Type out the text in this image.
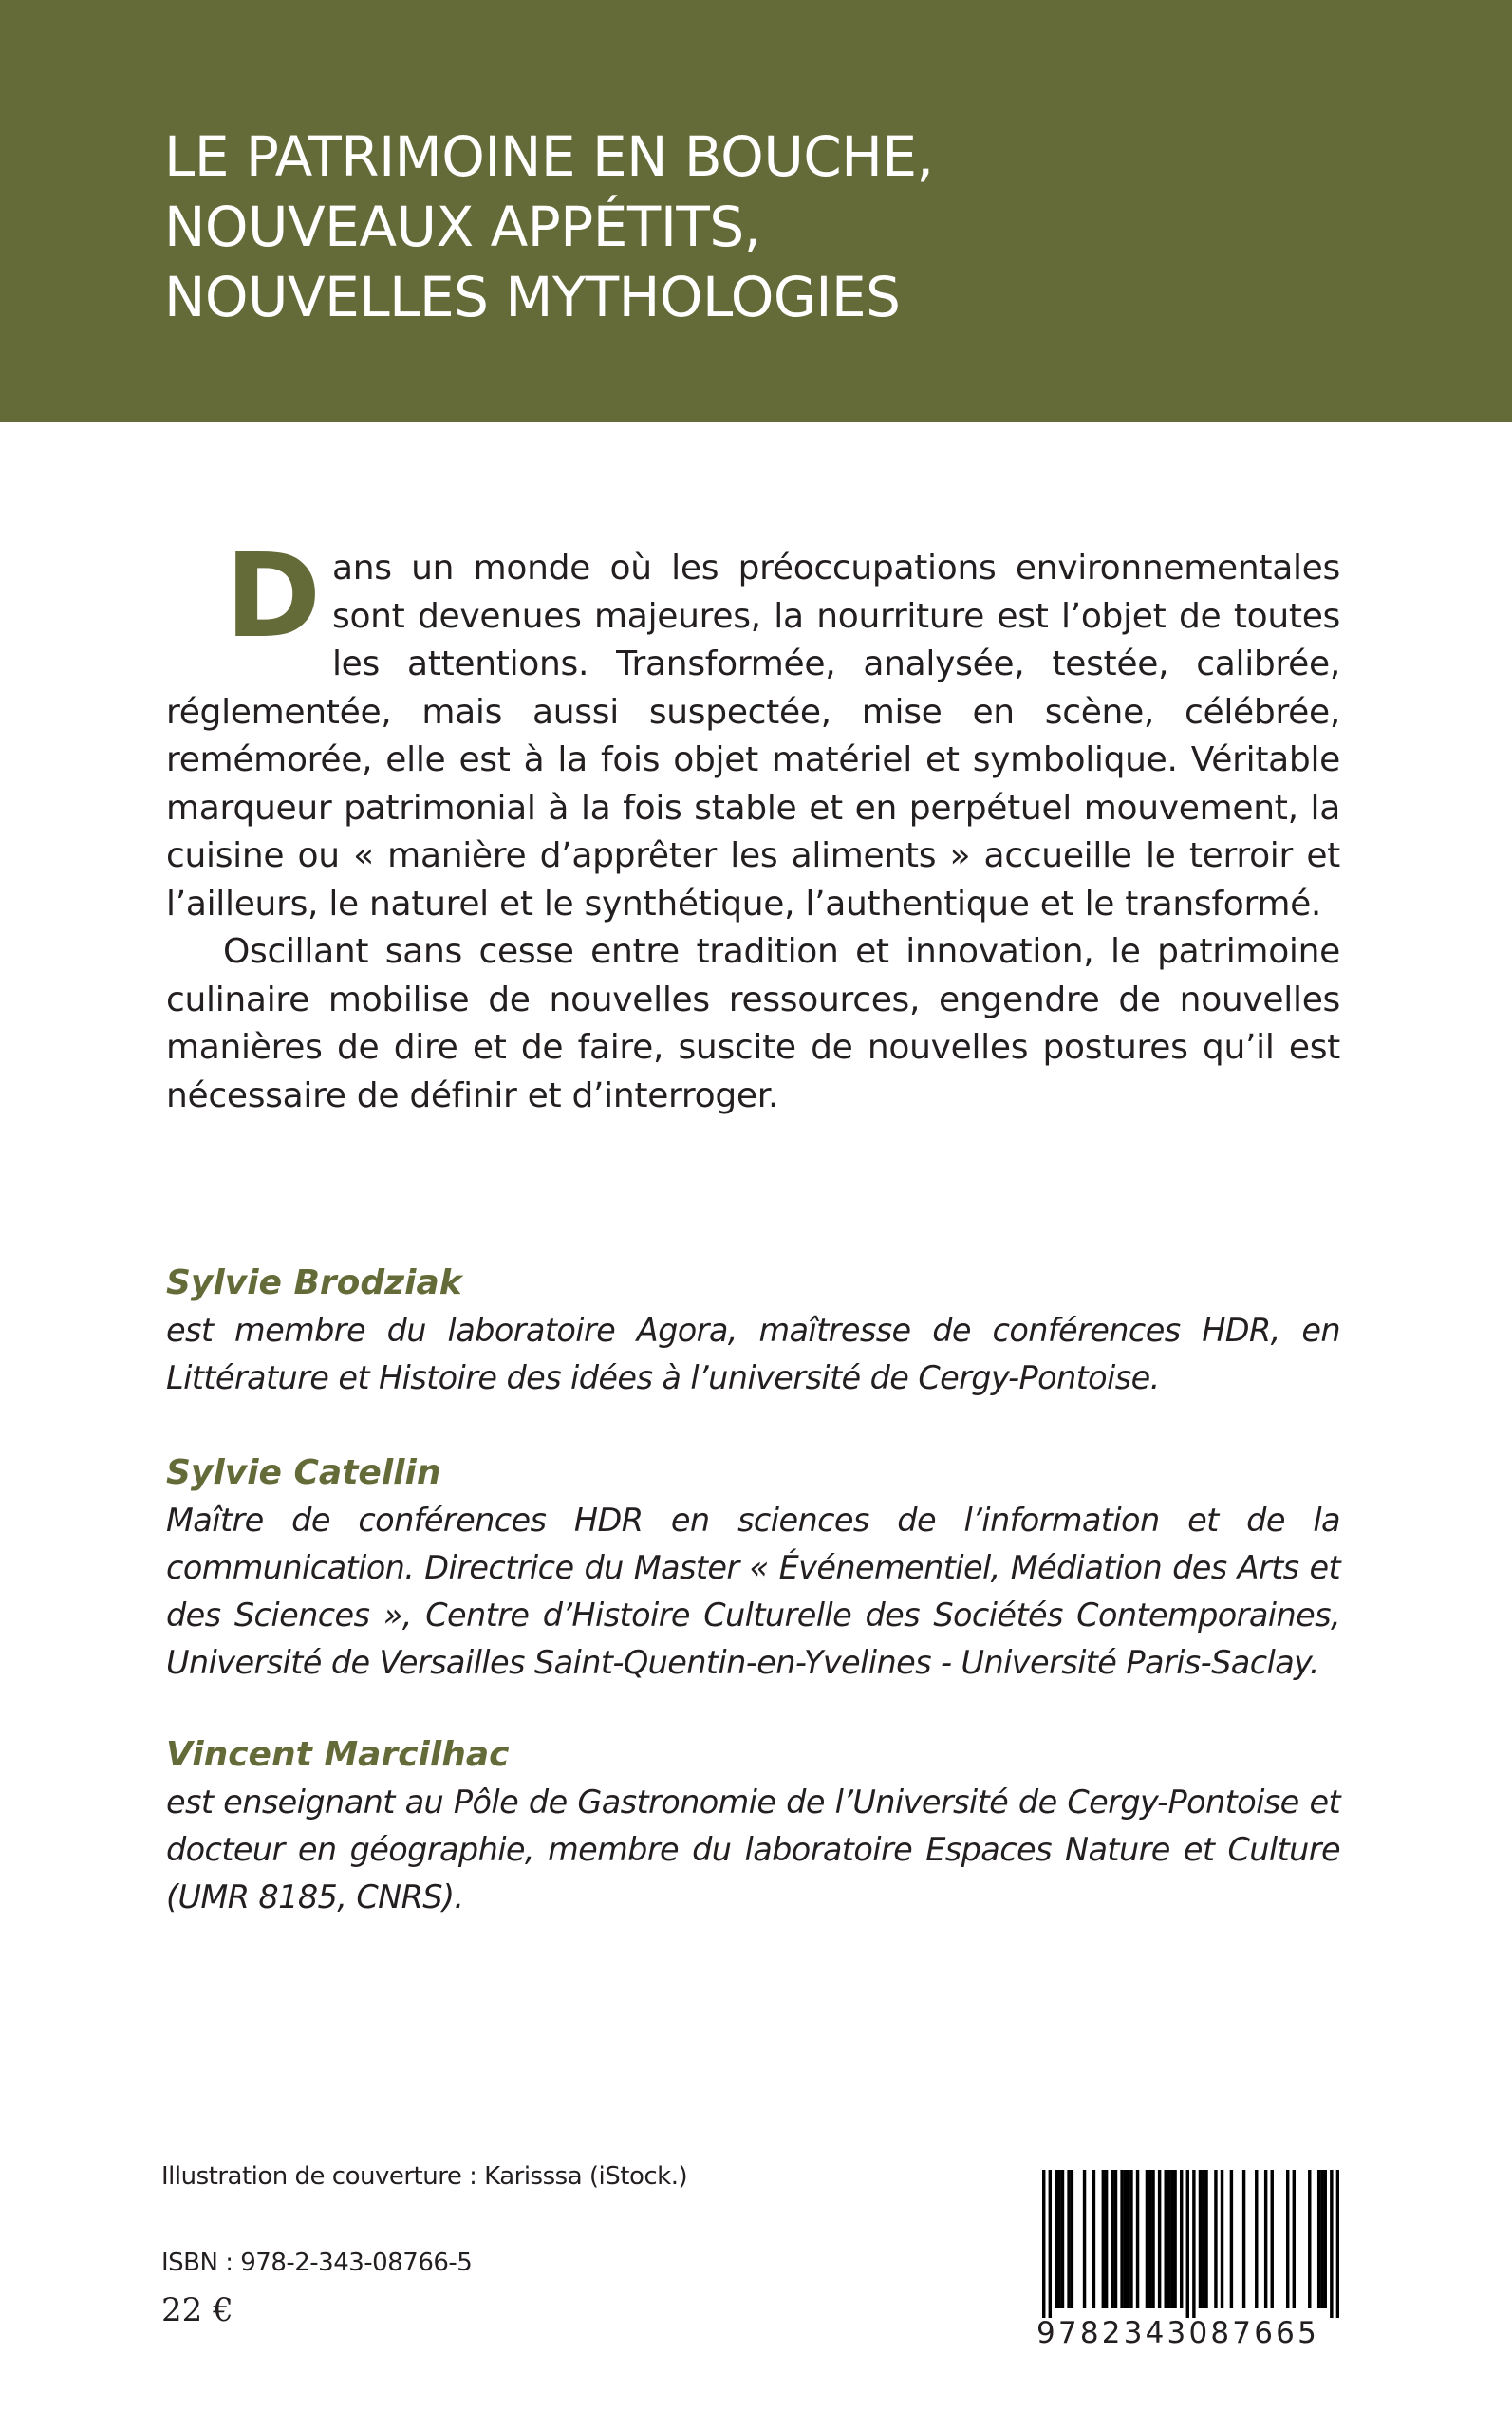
LE PATRIMOINE EN BOUCHE,
NOUVEAUX APPÉTITS,
NOUVELLES MYTHOLOGIES

Dans un monde où les préoccupations environnementales sont devenues majeures, la nourriture est l’objet de toutes les attentions. Transformée, analysée, testée, calibrée, réglementée, mais aussi suspectée, mise en scène, célébrée, remémorée, elle est à la fois objet matériel et symbolique. Véritable marqueur patrimonial à la fois stable et en perpétuel mouvement, la cuisine ou « manière d’apprêter les aliments » accueille le terroir et l’ailleurs, le naturel et le synthétique, l’authentique et le transformé.

Oscillant sans cesse entre tradition et innovation, le patrimoine culinaire mobilise de nouvelles ressources, engendre de nouvelles manières de dire et de faire, suscite de nouvelles postures qu’il est nécessaire de définir et d’interroger.

Sylvie Brodziak

est membre du laboratoire Agora, maîtresse de conférences HDR, en Littérature et Histoire des idées à l’université de Cergy-Pontoise.

Sylvie Catellin

Maître de conférences HDR en sciences de l’information et de la communication. Directrice du Master « Événementiel, Médiation des Arts et des Sciences », Centre d’Histoire Culturelle des Sociétés Contemporaines, Université de Versailles Saint-Quentin-en-Yvelines - Université Paris-Saclay.

Vincent Marcilhac

est enseignant au Pôle de Gastronomie de l’Université de Cergy-Pontoise et docteur en géographie, membre du laboratoire Espaces Nature et Culture (UMR 8185, CNRS).

Illustration de couverture : Karisssa (iStock.)
ISBN : 978-2-343-08766-5
22 €
9782343087665
